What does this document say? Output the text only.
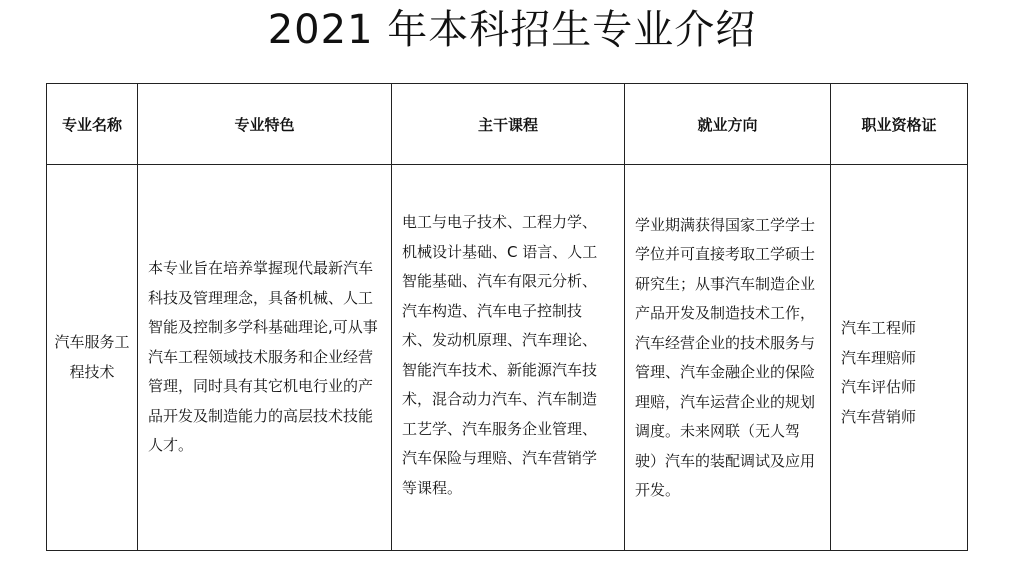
2021 年本科招生专业介绍
专业名称	专业特色	主干课程	就业方向	职业资格证

汽车服务工程技术	本专业旨在培养掌握现代最新汽车科技及管理理念，具备机械、人工智能及控制多学科基础理论,可从事汽车工程领域技术服务和企业经营管理，同时具有其它机电行业的产品开发及制造能力的高层技术技能人才。	电工与电子技术、工程力学、机械设计基础、C 语言、人工智能基础、汽车有限元分析、汽车构造、汽车电子控制技术、发动机原理、汽车理论、智能汽车技术、新能源汽车技术，混合动力汽车、汽车制造工艺学、汽车服务企业管理、汽车保险与理赔、汽车营销学等课程。	学业期满获得国家工学学士学位并可直接考取工学硕士研究生；从事汽车制造企业产品开发及制造技术工作，汽车经营企业的技术服务与管理、汽车金融企业的保险理赔，汽车运营企业的规划调度。未来网联（无人驾驶）汽车的装配调试及应用开发。	汽车工程师
汽车理赔师
汽车评估师
汽车营销师
